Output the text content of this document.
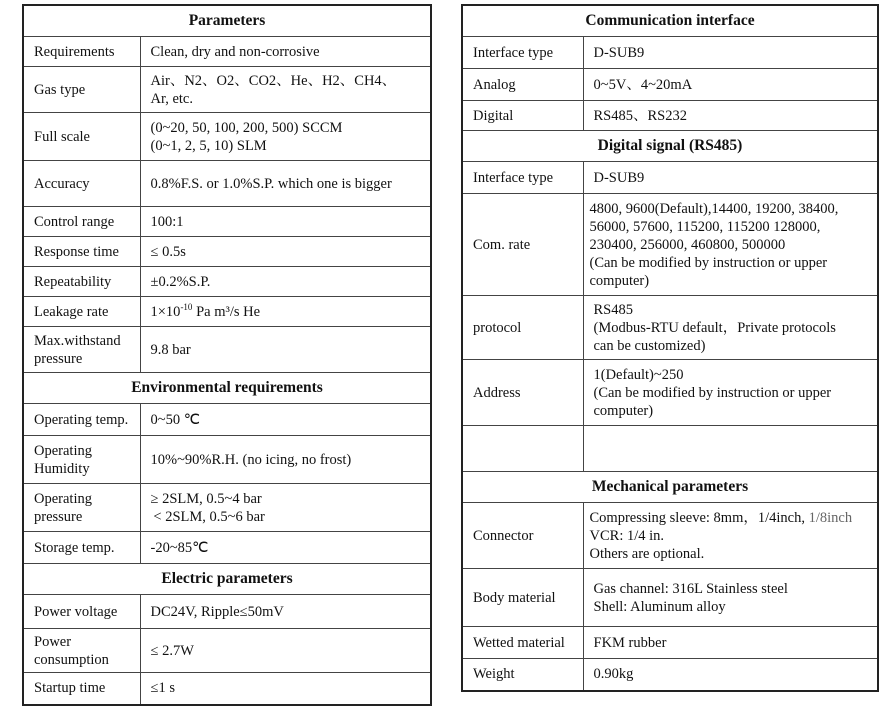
Parameters	
Requirements	Clean, dry and non-corrosive
Gas type	Air、N2、O2、CO2、He、H2、CH4、
Ar, etc.

Full scale	(0~20, 50, 100, 200, 500) SCCM
(0~1, 2, 5, 10) SLM

Accuracy	0.8%F.S. or 1.0%S.P. which one is bigger
Control range	100:1
Response time	≤ 0.5s
Repeatability	±0.2%S.P.
Leakage rate	$1\times 10^{-10}$ Pa m³/s He

Max.withstand
pressure	9.8 bar
Environmental requirements	
Operating temp.	0~50 ℃

Operating
Humidity	10%~90%R.H. (no icing, no frost)

Operating
pressure	≥ 2SLM, 0.5~4 bar
 < 2SLM, 0.5~6 bar

Storage temp.	-20~85℃
Electric parameters	
Power voltage	DC24V, Ripple≤50mV

Power
consumption	≤ 2.7W
Startup time	≤1 s
Communication interface	
Interface type	D-SUB9
Analog	0~5V、4~20mA
Digital	RS485、RS232
Digital signal (RS485)	
Interface type	D-SUB9
Com. rate	4800, 9600(Default),14400, 19200, 38400,
56000, 57600, 115200, 115200 128000,
230400, 256000, 460800, 500000
(Can be modified by instruction or upper
computer)

protocol	RS485
(Modbus-RTU default，Private protocols
can be customized)

Address	1(Default)~250
(Can be modified by instruction or upper
computer)

Mechanical parameters	
Connector	Compressing sleeve: 8mm，1/4inch, 1/8inch
VCR: 1/4 in.
Others are optional.

Body material	Gas channel: 316L Stainless steel
Shell: Aluminum alloy

Wetted material	FKM rubber
Weight	0.90kg
